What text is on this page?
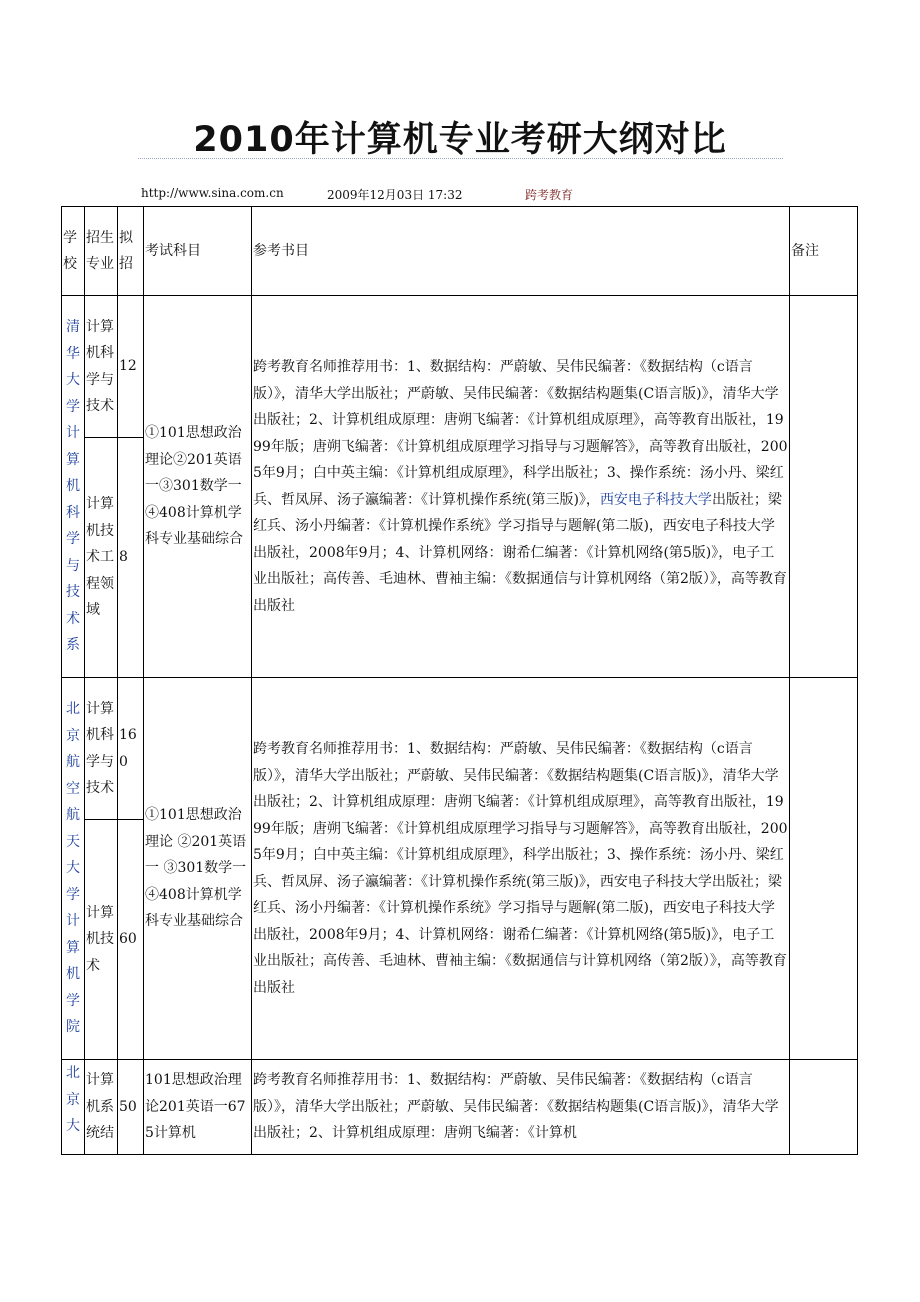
2010年计算机专业考研大纲对比
http://www.sina.com.cn	2009年12月03日 17:32	跨考教育
学校	招生专业	拟招	考试科目	参考书目	备注
清华大学计算机科学与技术系	计算机科学与技术	12	①101思想政治理论②201英语一③301数学一④408计算机学科专业基础综合	跨考教育名师推荐用书：1、数据结构：严蔚敏、吴伟民编著：《数据结构（c语言版）》，清华大学出版社；严蔚敏、吴伟民编著：《数据结构题集(C语言版)》，清华大学出版社；2、计算机组成原理：唐朔飞编著：《计算机组成原理》，高等教育出版社，1999年版；唐朔飞编著：《计算机组成原理学习指导与习题解答》，高等教育出版社，2005年9月；白中英主编：《计算机组成原理》，科学出版社；3、操作系统：汤小丹、梁红兵、哲凤屏、汤子瀛编著：《计算机操作系统(第三版)》，西安电子科技大学出版社；梁红兵、汤小丹编著：《计算机操作系统》学习指导与题解(第二版)，西安电子科技大学出版社，2008年9月；4、计算机网络：谢希仁编著：《计算机网络(第5版)》，电子工业出版社；高传善、毛迪林、曹袖主编：《数据通信与计算机网络（第2版）》，高等教育出版社	
	计算机技术工程领域	8			
北京航空航天大学计算机学院	计算机科学与技术	160	①101思想政治理论 ②201英语一 ③301数学一 ④408计算机学科专业基础综合	跨考教育名师推荐用书：1、数据结构：严蔚敏、吴伟民编著：《数据结构（c语言版）》，清华大学出版社；严蔚敏、吴伟民编著：《数据结构题集(C语言版)》，清华大学出版社；2、计算机组成原理：唐朔飞编著：《计算机组成原理》，高等教育出版社，1999年版；唐朔飞编著：《计算机组成原理学习指导与习题解答》，高等教育出版社，2005年9月；白中英主编：《计算机组成原理》，科学出版社；3、操作系统：汤小丹、梁红兵、哲凤屏、汤子瀛编著：《计算机操作系统(第三版)》，西安电子科技大学出版社；梁红兵、汤小丹编著：《计算机操作系统》学习指导与题解(第二版)，西安电子科技大学出版社，2008年9月；4、计算机网络：谢希仁编著：《计算机网络(第5版)》，电子工业出版社；高传善、毛迪林、曹袖主编：《数据通信与计算机网络（第2版）》，高等教育出版社	
	计算机技术	60			
北京大	计算机系统结	50	101思想政治理论201英语一675计算机	跨考教育名师推荐用书：1、数据结构：严蔚敏、吴伟民编著：《数据结构（c语言版）》，清华大学出版社；严蔚敏、吴伟民编著：《数据结构题集(C语言版)》，清华大学出版社；2、计算机组成原理：唐朔飞编著：《计算机	
